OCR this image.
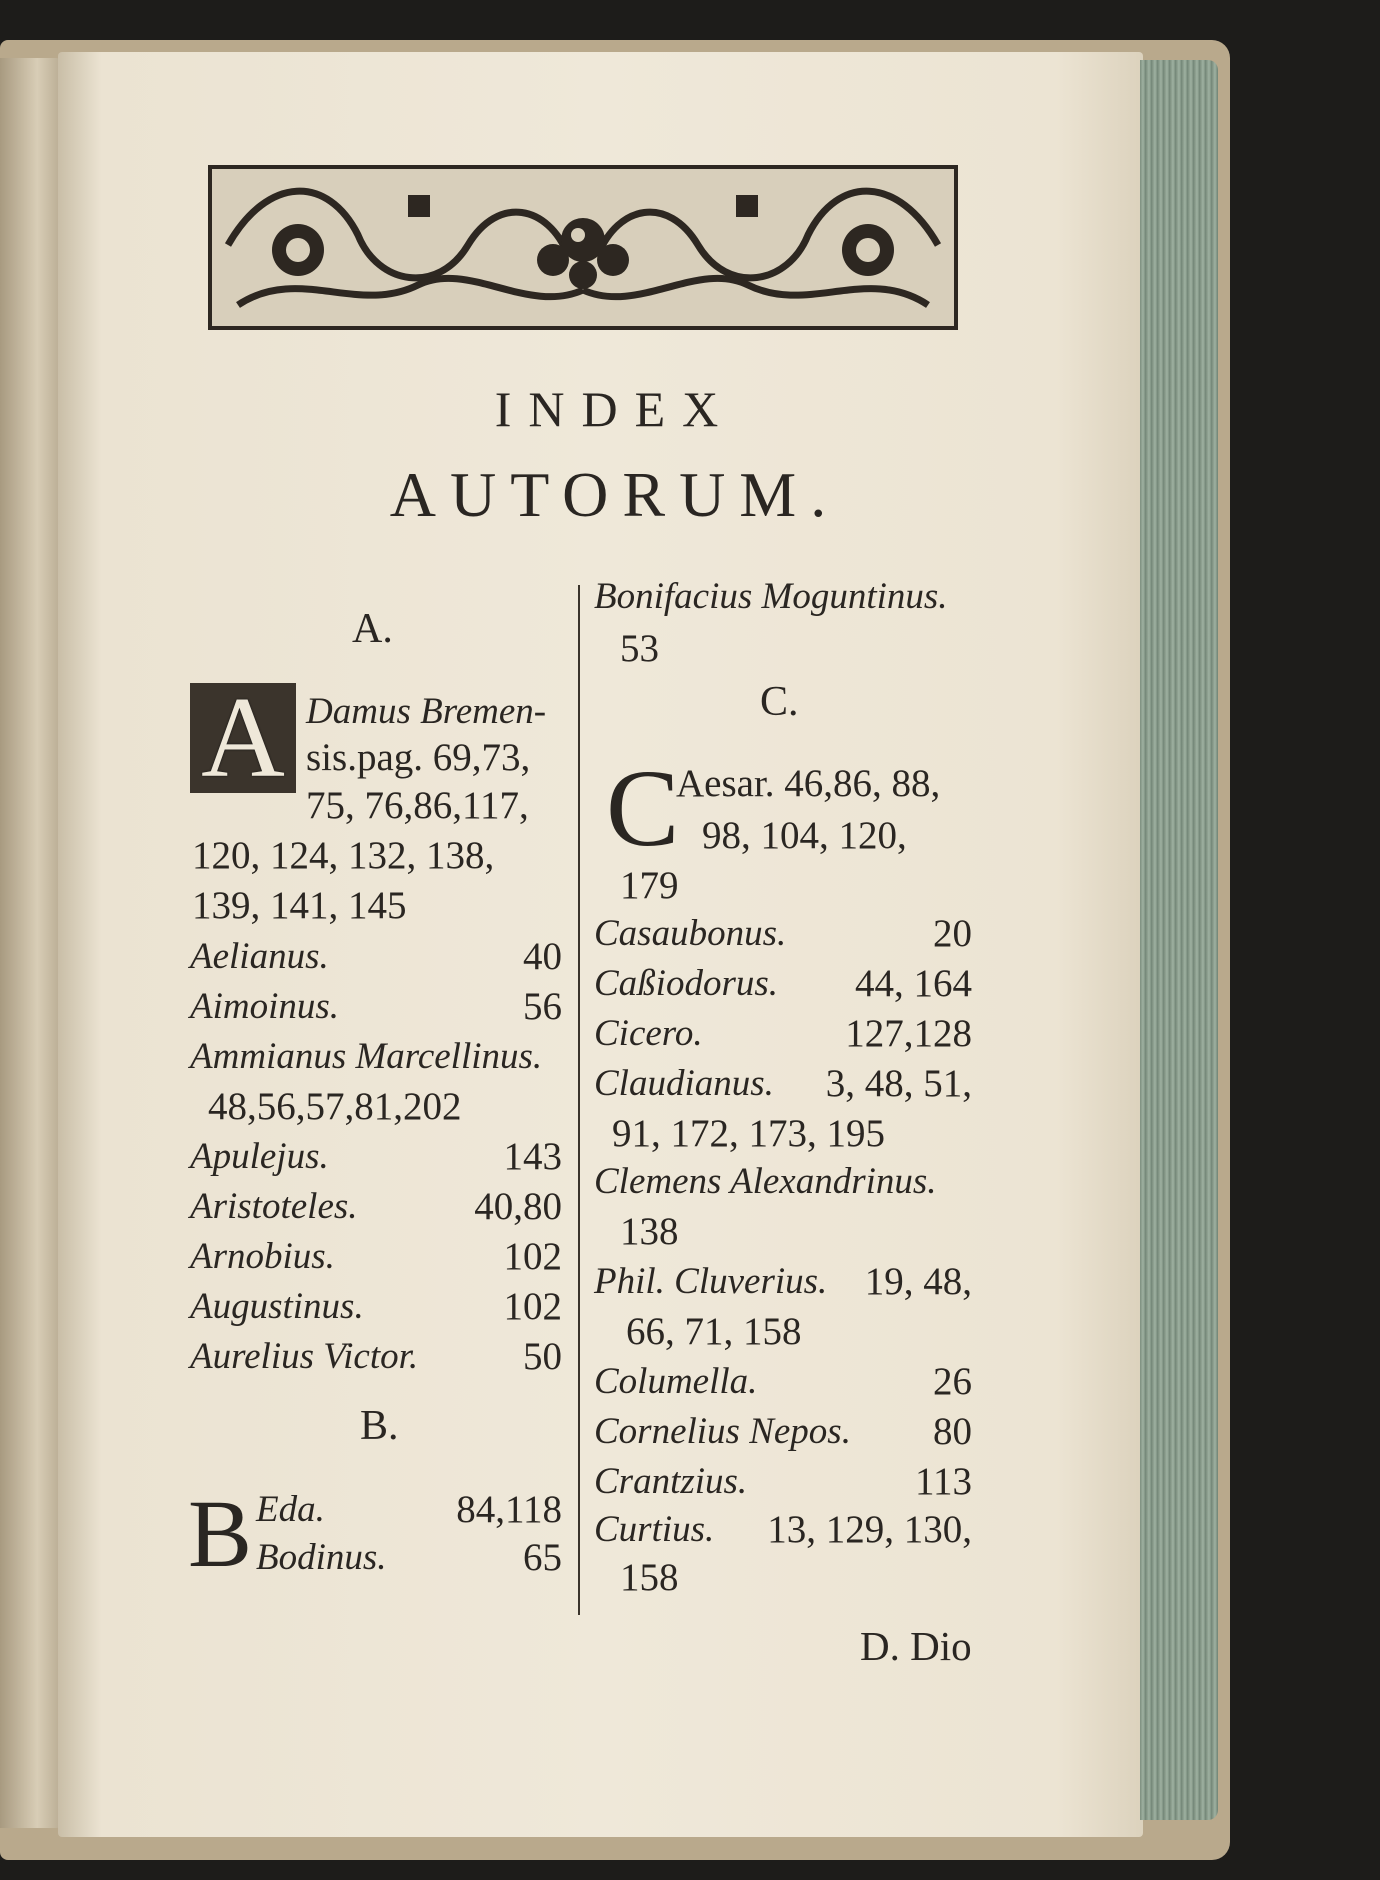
INDEX
AUTORUM.
A.
A Damus Bremen-
sis.pag. 69,73,
75, 76,86,117,
120, 124, 132, 138,
139, 141, 145
Aelianus.	40
Aimoinus.	56
Ammianus Marcellinus.
48,56,57,81,202
Apulejus.	143
Aristoteles.	40,80
Arnobius.	102
Augustinus.	102
Aurelius Victor.	50
B.
B Eda.	84,118
Bodinus.	65
Bonifacius Moguntinus.
53
C.
C
Aesar. 46,86, 88,
98, 104, 120,
179
Casaubonus.	20
Caßiodorus. 44, 164
Cicero.	127,128
Claudianus. 3, 48, 51,
91, 172, 173, 195
Clemens Alexandrinus.
138
Phil. Cluverius. 19, 48,
66, 71, 158
Columella.	26
Cornelius Nepos. 80
Crantzius.	113
Curtius. 13, 129, 130,
158
D. Dio
